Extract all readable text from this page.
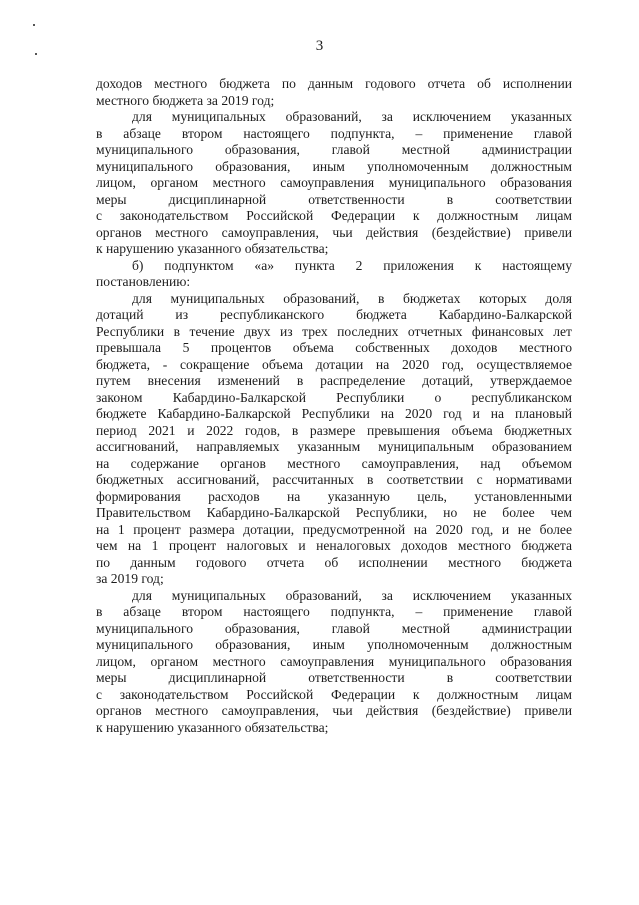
3
доходов местного бюджета по данным годового отчета об исполнении
местного бюджета за 2019 год;
для муниципальных образований, за исключением указанных
в абзаце втором настоящего подпункта, – применение главой
муниципального образования, главой местной администрации
муниципального образования, иным уполномоченным должностным
лицом, органом местного самоуправления муниципального образования
меры дисциплинарной ответственности в соответствии
с законодательством Российской Федерации к должностным лицам
органов местного самоуправления, чьи действия (бездействие) привели
к нарушению указанного обязательства;
б) подпунктом «а» пункта 2 приложения к настоящему
постановлению:
для муниципальных образований, в бюджетах которых доля
дотаций из республиканского бюджета Кабардино-Балкарской
Республики в течение двух из трех последних отчетных финансовых лет
превышала 5 процентов объема собственных доходов местного
бюджета, - сокращение объема дотации на 2020 год, осуществляемое
путем внесения изменений в распределение дотаций, утверждаемое
законом Кабардино-Балкарской Республики о республиканском
бюджете Кабардино-Балкарской Республики на 2020 год и на плановый
период 2021 и 2022 годов, в размере превышения объема бюджетных
ассигнований, направляемых указанным муниципальным образованием
на содержание органов местного самоуправления, над объемом
бюджетных ассигнований, рассчитанных в соответствии с нормативами
формирования расходов на указанную цель, установленными
Правительством Кабардино-Балкарской Республики, но не более чем
на 1 процент размера дотации, предусмотренной на 2020 год, и не более
чем на 1 процент налоговых и неналоговых доходов местного бюджета
по данным годового отчета об исполнении местного бюджета
за 2019 год;
для муниципальных образований, за исключением указанных
в абзаце втором настоящего подпункта, – применение главой
муниципального образования, главой местной администрации
муниципального образования, иным уполномоченным должностным
лицом, органом местного самоуправления муниципального образования
меры дисциплинарной ответственности в соответствии
с законодательством Российской Федерации к должностным лицам
органов местного самоуправления, чьи действия (бездействие) привели
к нарушению указанного обязательства;
